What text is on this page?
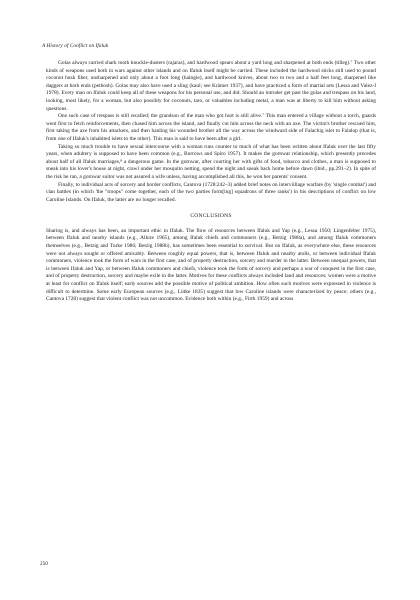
A History of Conflict on Ifaluk

Golas always carried shark tooth knuckle-dusters (rajaras), and hardwood spears about a yard long and sharpened at both ends (tilleg).⁷ Two other kinds of weapons used both in wars against other islands and on Ifaluk itself might be carried. These included the hardwood sticks still used to pound coconut husk fiber, unsharpened and only about a foot long (haingie), and hardwood knives, about two to two and a half feet long, sharpened like daggers at both ends (pethosh). Golas may also have used a sling (kaul; see Krämer 1937), and have practiced a form of martial arts (Lessa and Valez-I 1978). Every man on Ifaluk could keep all of these weapons for his personal use, and did. Should an intruder get past the golas and trespass on his land, looking, most likely, for a woman, but also possibly for coconuts, taro, or valuables including metal, a man was at liberty to kill him without asking questions.

One such case of trespass is still recalled; the grandson of the man who got hurt is still alive.⁷ This man entered a village without a torch, guards went first to fetch reinforcements, then chased him across the island, and finally cut him across the neck with an axe. The victim's brother rescued him, first taking the axe from his attackers, and then hauling his wounded brother all the way across the windward side of Falachig islet to Falalop (that is, from one of Ifaluk's inhabited islets to the other). This man is said to have been after a girl.

Taking so much trouble to have sexual intercourse with a woman runs counter to much of what has been written about Ifaluk over the last fifty years, when adultery is supposed to have been common (e.g., Burrows and Spiro 1957). It makes the gornwar relationship, which presently precedes about half of all Ifaluk marriages,⁸ a dangerous game. In the gornwar, after courting her with gifts of food, tobacco and clothes, a man is supposed to sneak into his lover's house at night, crawl under her mosquito netting, spend the night and sneak back home before dawn (ibid., pp.291–2). In spite of the risk he ran, a gornwar suitor was not assured a wife unless, having accomplished all this, he won her parents' consent.

Finally, to individual acts of sorcery and border conflicts, Cantova (1728:242–3) added brief notes on interviillage warfare (by 'single combat') and clan battles (in which 'the "troops" come together, each of the two parties form[ing] squadrons of three ranks') in his descriptions of conflict on low Caroline Islands. On Ifaluk, the latter are no longer recalled.

CONCLUSIONS

Sharing is, and always has been, an important ethic in Ifaluk. The flow of resources between Ifaluk and Yap (e.g., Lessa 1950; Lingenfelter 1975), between Ifaluk and nearby islands (e.g., Alkire 1965), among Ifaluk chiefs and commoners (e.g., Betzig 1988a), and among Ifaluk commoners themselves (e.g., Betzig and Turke 1986; Betzig 1988b), has sometimes been essential to survival. But on Ifaluk, as everywhere else, these resources were not always sought or offered amicably. Between roughly equal powers, that is, between Ifaluk and nearby atolls, or between individual Ifaluk commoners, violence took the form of wars in the first case, and of property destruction, sorcery and murder in the latter. Between unequal powers, that is between Ifaluk and Yap, or between Ifaluk commoners and chiefs, violence took the form of sorcery and perhaps a war of conquest in the first case, and of property destruction, sorcery and maybe exile in the latter. Motives for these conflicts always included land and resources; women were a motive at least for conflict on Ifaluk itself; early sources add the possible motive of political ambition. How often such motives were expressed in violence is difficult to determine. Some early European sources (e.g., Lütke 1835) suggest that low Caroline islands were characterized by peace; others (e.g., Cantova 1728) suggest that violent conflict was not uncommon. Evidence both within (e.g., Firth 1959) and across

250
